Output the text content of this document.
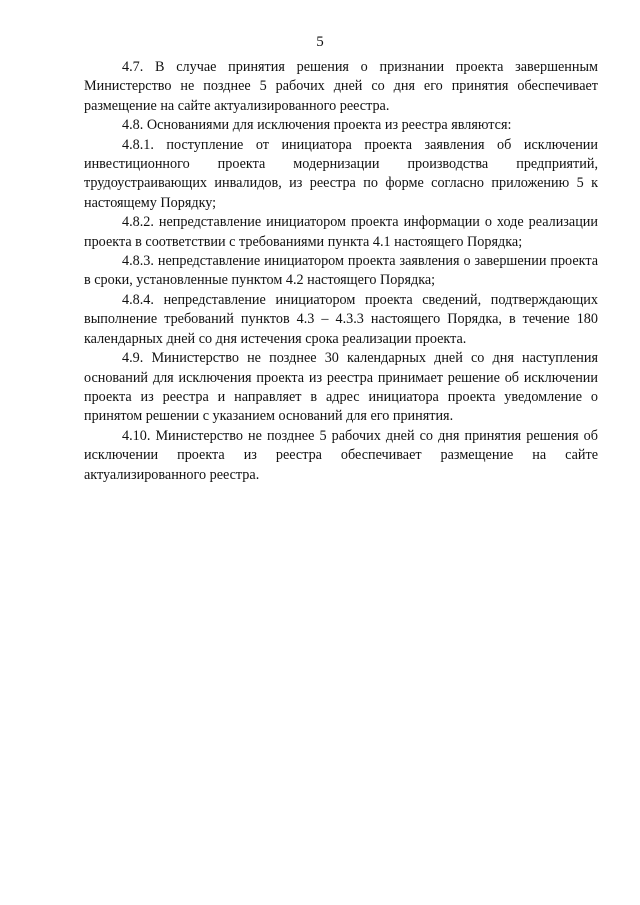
5

4.7. В случае принятия решения о признании проекта завершенным Министерство не позднее 5 рабочих дней со дня его принятия обеспечивает размещение на сайте актуализированного реестра.

4.8. Основаниями для исключения проекта из реестра являются:

4.8.1. поступление от инициатора проекта заявления об исключении инвестиционного проекта модернизации производства предприятий, трудоустраивающих инвалидов, из реестра по форме согласно приложению 5 к настоящему Порядку;

4.8.2. непредставление инициатором проекта информации о ходе реализации проекта в соответствии с требованиями пункта 4.1 настоящего Порядка;

4.8.3. непредставление инициатором проекта заявления о завершении проекта в сроки, установленные пунктом 4.2 настоящего Порядка;

4.8.4. непредставление инициатором проекта сведений, подтверждающих выполнение требований пунктов 4.3 – 4.3.3 настоящего Порядка, в течение 180 календарных дней со дня истечения срока реализации проекта.

4.9. Министерство не позднее 30 календарных дней со дня наступления оснований для исключения проекта из реестра принимает решение об исключении проекта из реестра и направляет в адрес инициатора проекта уведомление о принятом решении с указанием оснований для его принятия.

4.10. Министерство не позднее 5 рабочих дней со дня принятия решения об исключении проекта из реестра обеспечивает размещение на сайте актуализированного реестра.
